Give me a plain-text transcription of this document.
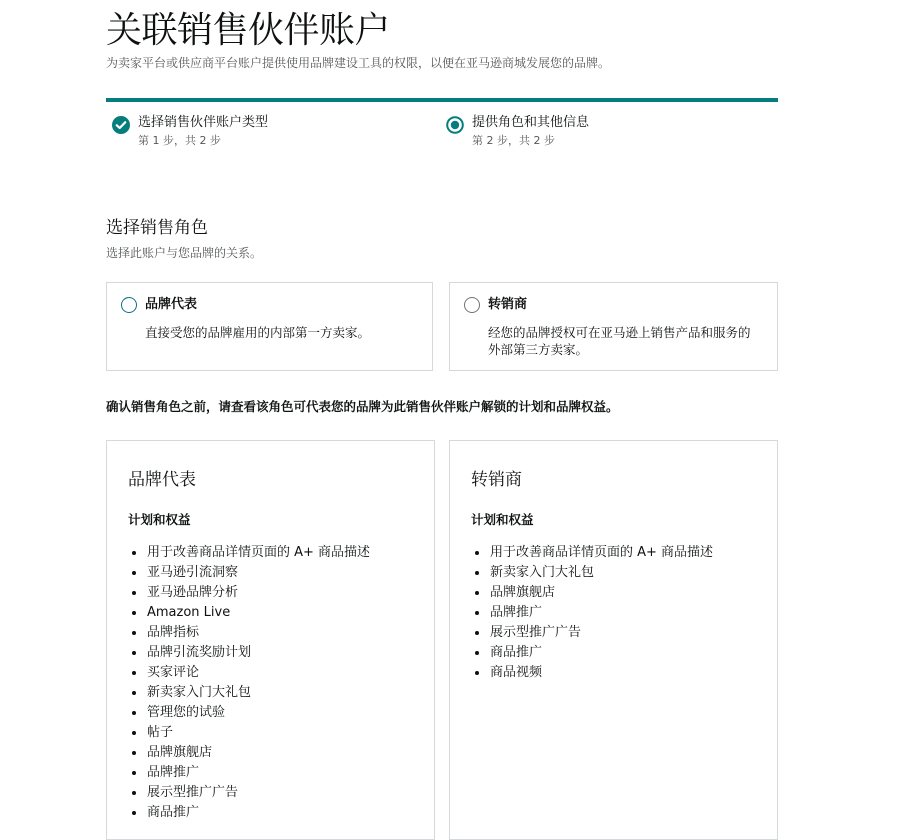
关联销售伙伴账户
为卖家平台或供应商平台账户提供使用品牌建设工具的权限，以便在亚马逊商城发展您的品牌。
选择销售伙伴账户类型
第 1 步，共 2 步
提供角色和其他信息
第 2 步，共 2 步
选择销售角色
选择此账户与您品牌的关系。
品牌代表
直接受您的品牌雇用的内部第一方卖家。
转销商
经您的品牌授权可在亚马逊上销售产品和服务的外部第三方卖家。
确认销售角色之前，请查看该角色可代表您的品牌为此销售伙伴账户解锁的计划和品牌权益。
品牌代表
计划和权益
用于改善商品详情页面的 A+ 商品描述
亚马逊引流洞察
亚马逊品牌分析
Amazon Live
品牌指标
品牌引流奖励计划
买家评论
新卖家入门大礼包
管理您的试验
帖子
品牌旗舰店
品牌推广
展示型推广广告
商品推广
转销商
计划和权益
用于改善商品详情页面的 A+ 商品描述
新卖家入门大礼包
品牌旗舰店
品牌推广
展示型推广广告
商品推广
商品视频
